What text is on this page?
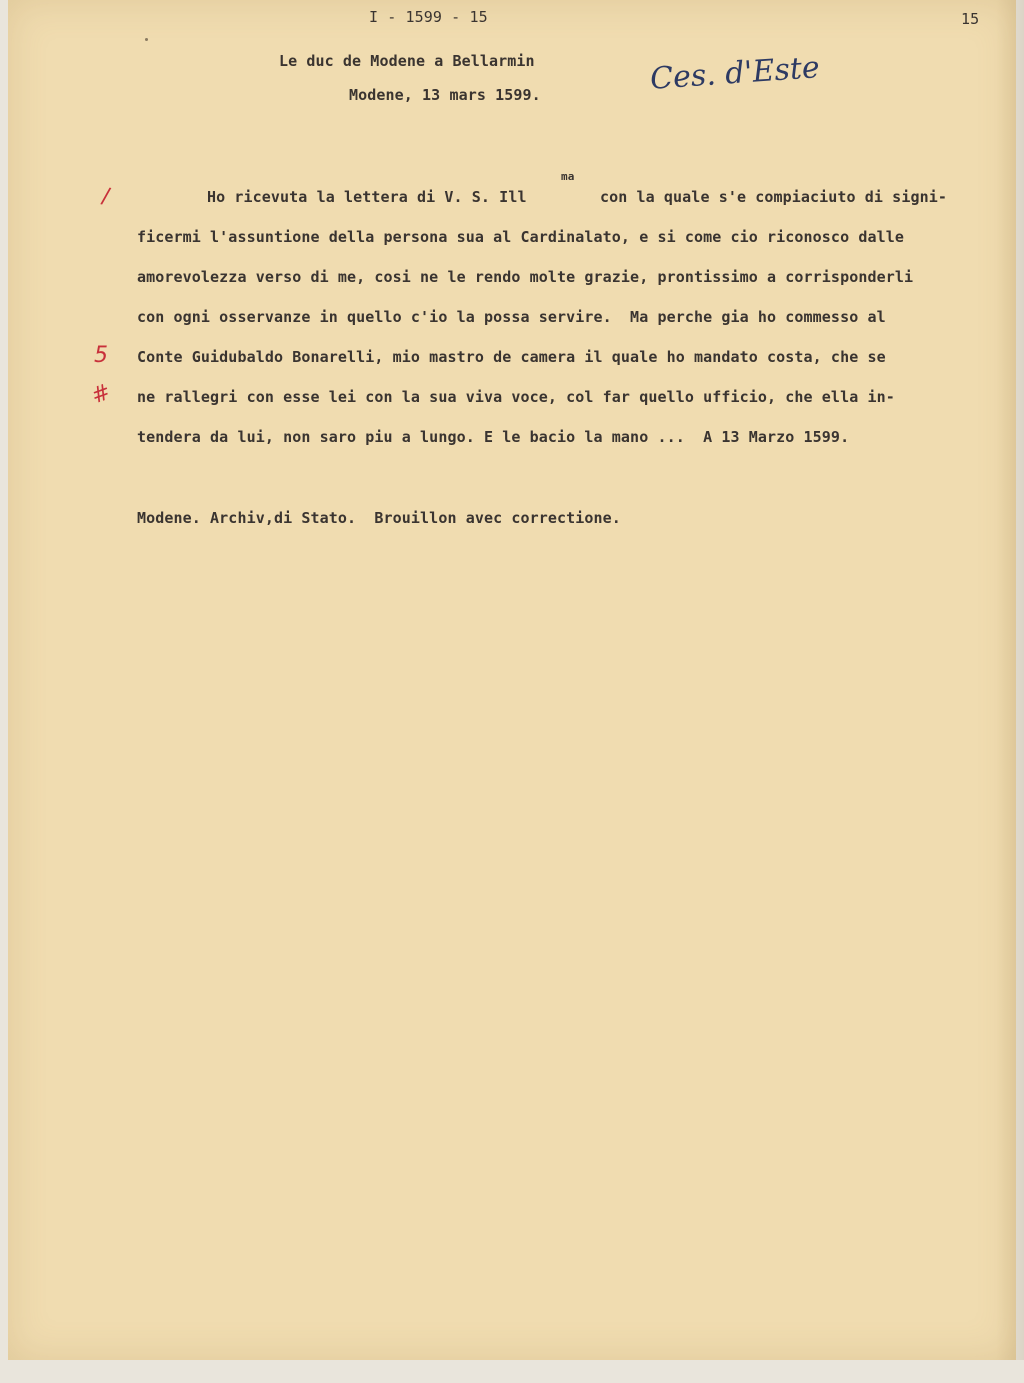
I - 1599 - 15	15
Le duc de Modene a Bellarmin
Modene, 13 mars 1599.	Ces. d'Este
ma
/
5
#
Ho ricevuta la lettera di V. S. Ill	con la quale s'e compiaciuto di signi-
ficermi l'assuntione della persona sua al Cardinalato, e si come cio riconosco dalle
amorevolezza verso di me, cosi ne le rendo molte grazie, prontissimo a corrisponderli
con ogni osservanze in quello c'io la possa servire.  Ma perche gia ho commesso al
Conte Guidubaldo Bonarelli, mio mastro de camera il quale ho mandato costa, che se
ne rallegri con esse lei con la sua viva voce, col far quello ufficio, che ella in-
tendera da lui, non saro piu a lungo. E le bacio la mano ...  A 13 Marzo 1599.
Modene. Archiv,di Stato.  Brouillon avec correctione.
